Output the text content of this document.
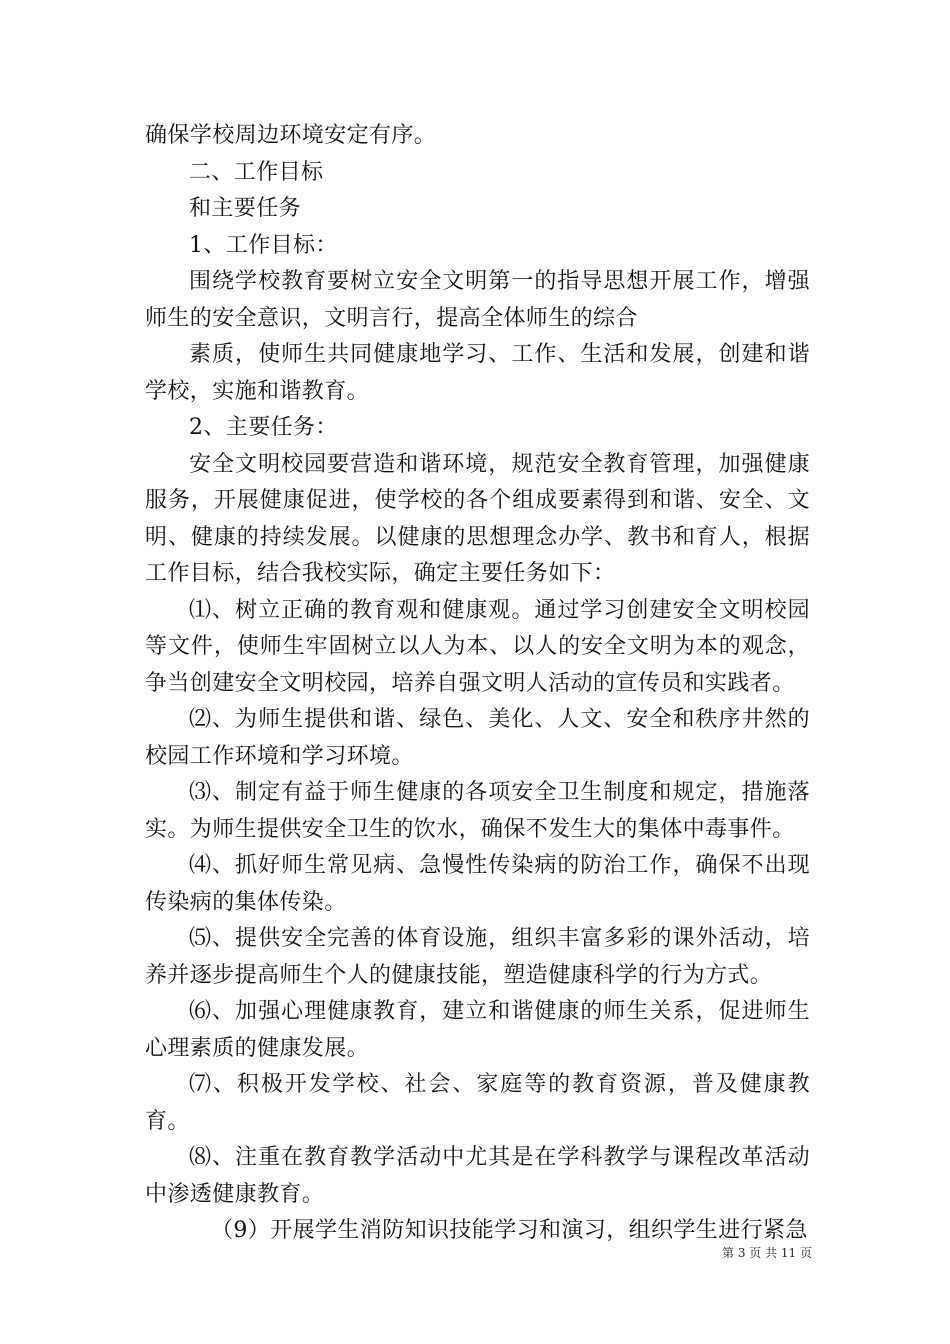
确保学校周边环境安定有序。

二、工作目标

和主要任务

1、工作目标：

围绕学校教育要树立安全文明第一的指导思想开展工作，增强师生的安全意识，文明言行，提高全体师生的综合

素质，使师生共同健康地学习、工作、生活和发展，创建和谐学校，实施和谐教育。

2、主要任务：

安全文明校园要营造和谐环境，规范安全教育管理，加强健康服务，开展健康促进，使学校的各个组成要素得到和谐、安全、文明、健康的持续发展。以健康的思想理念办学、教书和育人，根据工作目标，结合我校实际，确定主要任务如下：

⑴、树立正确的教育观和健康观。通过学习创建安全文明校园等文件，使师生牢固树立以人为本、以人的安全文明为本的观念，争当创建安全文明校园，培养自强文明人活动的宣传员和实践者。

⑵、为师生提供和谐、绿色、美化、人文、安全和秩序井然的校园工作环境和学习环境。

⑶、制定有益于师生健康的各项安全卫生制度和规定，措施落实。为师生提供安全卫生的饮水，确保不发生大的集体中毒事件。

⑷、抓好师生常见病、急慢性传染病的防治工作，确保不出现传染病的集体传染。

⑸、提供安全完善的体育设施，组织丰富多彩的课外活动，培养并逐步提高师生个人的健康技能，塑造健康科学的行为方式。

⑹、加强心理健康教育，建立和谐健康的师生关系，促进师生心理素质的健康发展。

⑺、积极开发学校、社会、家庭等的教育资源，普及健康教育。

⑻、注重在教育教学活动中尤其是在学科教学与课程改革活动中渗透健康教育。

（9）开展学生消防知识技能学习和演习，组织学生进行紧急

第 3 页 共 11 页
